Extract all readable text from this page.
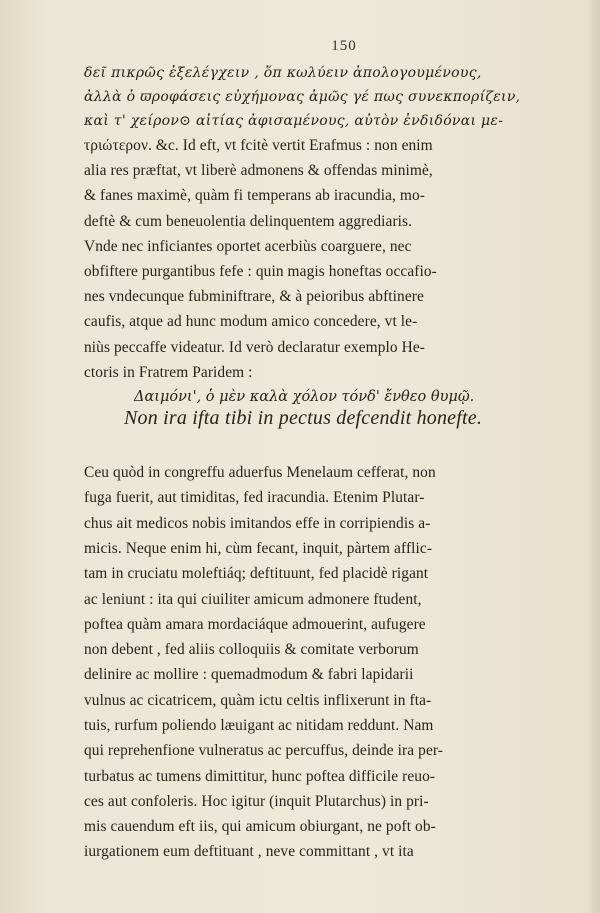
150

δεῖ πικρῶς ἐξελέγχειν , ὅπ κωλύειν ἀπολογουμένους,

ἀλλὰ ὁ ϖροφάσεις εὐχήμονας ἁμῶς γέ πως συνεκπορίζειν,

καὶ τ' χείρον⊙ αἰτίας ἀφισαμένους, αὐτὸν ἐνδιδόναι με-

τριώτερον. &c. Id eft, vt fcitè vertit Erafmus : non enim

alia res præftat, vt liberè admonens & offendas minimè,

& fanes maximè, quàm fi temperans ab iracundia, mo-

deftè & cum beneuolentia delinquentem aggrediaris.

Vnde nec inficiantes oportet acerbiùs coarguere, nec

obfiftere purgantibus fefe : quin magis honeftas occafio-

nes vndecunque fubminiftrare, & à peioribus abftinere

caufis, atque ad hunc modum amico concedere, vt le-

niùs peccaffe videatur. Id verò declaratur exemplo He-

ctoris in Fratrem Paridem :

Δαιμόνι', ὁ μὲν καλὰ χόλον τόνδ' ἔνθεο θυμῷ.

Non ira ifta tibi in pectus defcendit honefte.

Ceu quòd in congreffu aduerfus Menelaum cefferat, non

fuga fuerit, aut timiditas, fed iracundia. Etenim Plutar-

chus ait medicos nobis imitandos effe in corripiendis a-

micis. Neque enim hi, cùm fecant, inquit, pàrtem afflic-

tam in cruciatu moleftiáq; deftituunt, fed placidè rigant

ac leniunt : ita qui ciuiliter amicum admonere ftudent,

poftea quàm amara mordaciáque admouerint, aufugere

non debent , fed aliis colloquiis & comitate verborum

delinire ac mollire : quemadmodum & fabri lapidarii

vulnus ac cicatricem, quàm ictu celtis inflixerunt in fta-

tuis, rurfum poliendo læuigant ac nitidam reddunt. Nam

qui reprehenfione vulneratus ac percuffus, deinde ira per-

turbatus ac tumens dimittitur, hunc poftea difficile reuo-

ces aut confoleris. Hoc igitur (inquit Plutarchus) in pri-

mis cauendum eft iis, qui amicum obiurgant, ne poft ob-

iurgationem eum deftituant , neve committant , vt ita
